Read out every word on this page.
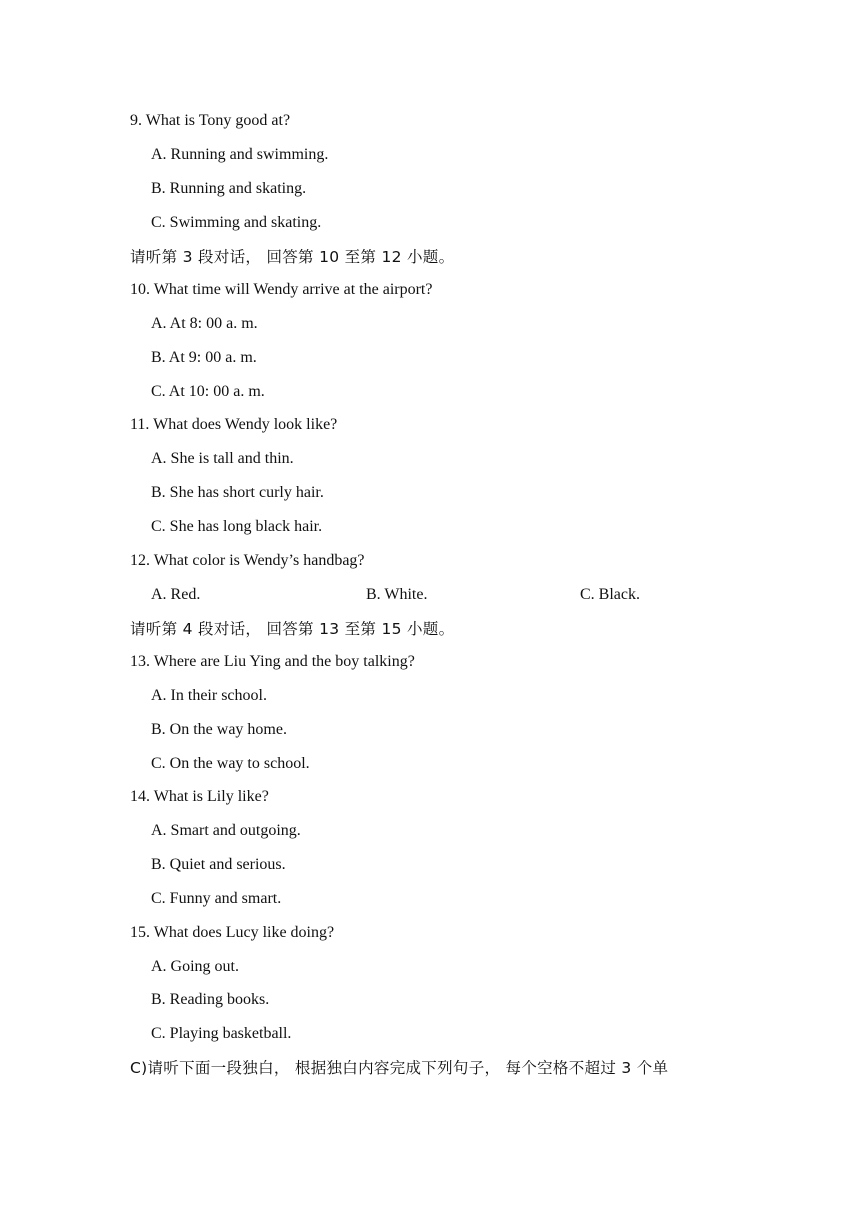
9. What is Tony good at?
A. Running and swimming.
B. Running and skating.
C. Swimming and skating.
请听第 3 段对话， 回答第 10 至第 12 小题。
10. What time will Wendy arrive at the airport?
A. At 8: 00 a. m.
B. At 9: 00 a. m.
C. At 10: 00 a. m.
11. What does Wendy look like?
A. She is tall and thin.
B. She has short curly hair.
C. She has long black hair.
12. What color is Wendy’s handbag?
A. Red.	B. White.	C. Black.
请听第 4 段对话， 回答第 13 至第 15 小题。
13. Where are Liu Ying and the boy talking?
A. In their school.
B. On the way home.
C. On the way to school.
14. What is Lily like?
A. Smart and outgoing.
B. Quiet and serious.
C. Funny and smart.
15. What does Lucy like doing?
A. Going out.
B. Reading books.
C. Playing basketball.
C)请听下面一段独白， 根据独白内容完成下列句子， 每个空格不超过 3 个单
